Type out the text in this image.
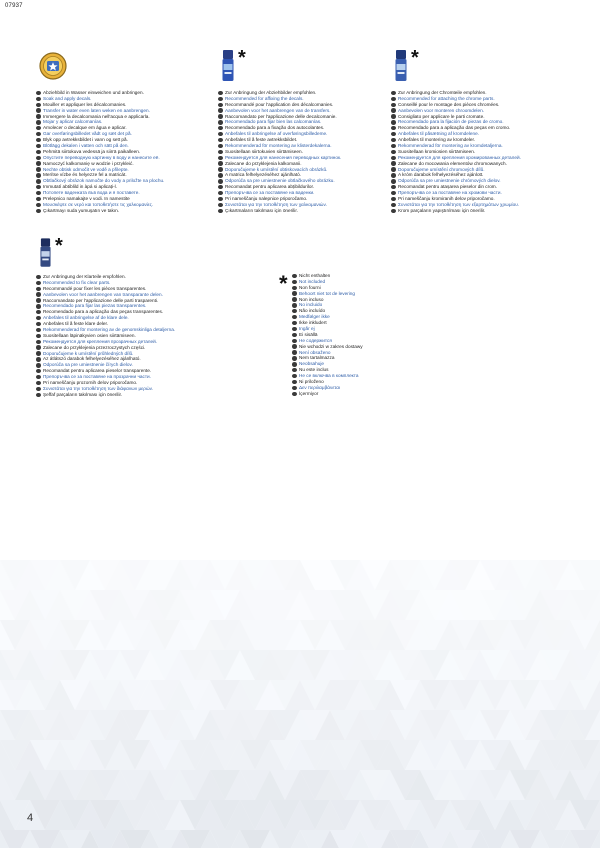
07937
Abziehbild in Wasser einweichen und anbringen.
Soak and apply decals.
Mouiller et appliquer les décalcomanies.
Transfer in water even laten weken en aanbrengen.
Immergere la decalcomania nell'acqua e applicarla.
Mojar y aplicar calcomanías.
Amolecer o decalque em água e aplicar.
Gar overføringsbilledet vådt og sæt det på.
Blyk opp avtrekksbildet i vann og sett på.
Blötlägg dekalen i vatten och sätt på den.
Pehmitä siirtokuva vedessä ja siirrä paikalleen.
Опустите переводную картинку в воду и нанесите её.
Namoczyć kalkomanię w wodzie i przykleić.
Nechte obtisk odmočit ve vodě a přilepte.
Merítse vízbe és helyezze fel a matricát.
Obtlačkový obrázok namočte do vody a priložte na plochu.
Immutatí abtiblild in àpá si aplicați-l.
Потопете ваденката във вода и я поставете.
Prelepnico namakajte v vodi. In namestite
Μουσκέψτε σε νερό και τοποθετήστε τις χαλκομανίες.
Çıkartmayı suda yumuşatın ve takın.
*
Zur Anbringung der Abziehbilder empfohlen.
Recommended for affixing the decals.
Recommandé pour l'application des décalcomanies.
Aanbevolen voor het aanbrengen van de transfers.
Raccomandato per l'applicazione delle decalcomanie.
Recomendado para fijar bien las calcomanías.
Recomendado para a fixação dos autocolantes.
Anbefales til anbringelse af overføringsbilledeme.
Anbefales til å feste avtrekksbildet.
Rekommenderad för montering av klisterdekalerna.
Suositellaan siirtokuvien siirtämiseen.
Рекомендуется для нанесения переводных картинок.
Zalecane do przyklejenia kalkomanii.
Doporučujeme k umístění obtiskovacích obrázků.
A matrica felhelyezéséhez ajánlható.
Odporúča sa pre umiestnenie obtlačkového obrázku.
Recomandat pentru aplicarea abțibildurilor.
Препоръчва се за поставяне на ваденки.
Pri nameščanju nalepnice priporočamo.
Συνιστάται για την τοποθέτηση των χαλκομανιών.
Çıkartmaların takılması için önerilir.
*
Zur Anbringung der Chromteile empfohlen.
Recommended for attaching the chrome parts.
Conseillé pour le montage des pièces chromées.
Aanbevolen voor monteren chroomdelen.
Consigliato per applicare le parti cromate.
Recomendado para la fijación de piezas de cromo.
Recomendado para a aplicação das peças em cromo.
Anbefales til påsætning af kromdelene.
Anbefales til montering av kromdeler.
Rekommenderad för montering av kromdetaljerna.
Suositellaan kromiosien siirtämiseen.
Рекомендуется для крепления хромированных деталей.
Zalecane do mocowania elementów chromowanych.
Doporučujeme umístění chromových dílů.
A króm darabok felhelyezéséhez ajánlott.
Odporúča sa pre umiestnenie chrómových dielov.
Recomandat pentru atașarea pieselor din crom.
Препоръчва се за поставяне на хромови части.
Pri nameščanju kromiranih delov priporočamo.
Συνιστάται για την τοποθέτηση των εξαρτημάτων χρωμίου.
Krom parçaların yapıştırılması için önerilir.
*
Zur Anbringung der Klarteile empfohlen.
Recommended to fix clear parts.
Recommandé pour fixer les pièces transparentes.
Aanbevolen voor het aanbrengen van transparante delen.
Raccomandato per l'applicazione delle parti trasparenti.
Recomendado para fijar las piezas transparentes.
Recomendado para a aplicação das peças transparentes.
Anbefales til anbringelse af de klare dele.
Anbefales til å feste klare deler.
Rekommenderad för montering av de genomskinliga detaljerna.
Suositellaan läpinäkyvien osien siirtämiseen.
Рекомендуется для крепления прозрачных деталей.
Zalecane do przyklejenia przezroczystych części.
Doporučujeme k umístění průhledných dílů.
Az átlátszó darabok felhelyezéséhez ajánlható.
Odporúča sa pre umiestnenie čírych dielov.
Recomandat pentru aplicarea pieselor transparente.
Препоръчва се за поставяне на прозрачни части.
Pri nameščanju prozornih delov priporočamo.
Συνιστάται για την τοποθέτηση των διάφανων μερών.
Şeffaf parçaların takılması için önerilir.
* Nicht enthalten
Not included
Non fourni
Behoort niet tot de levering
Non incluso
No incluido
Não incluído
Medfølger ikke
Ikke inkludert
Ingår ej
Ei sisällä
Не содержится
Nie wchodzi w zakres dostawy
Není obsaženo
Nem tartalmazza
Neobsahuje
Nu este inclus
Не се включва в комплекта
Ni priloženo
Δεν περιλαμβάνεται
İçermiyor
4
